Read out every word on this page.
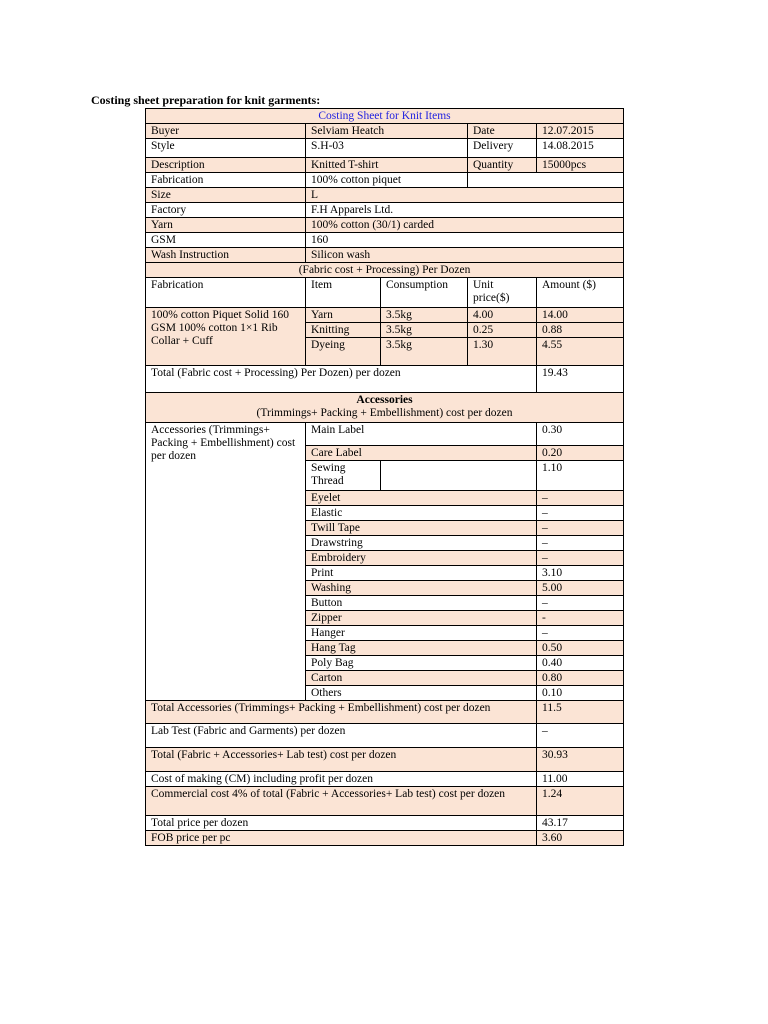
Costing sheet preparation for knit garments:
Costing Sheet for Knit Items				
Buyer	Selviam Heatch		Date	12.07.2015
Style	S.H-03		Delivery	14.08.2015
Description	Knitted T-shirt		Quantity	15000pcs
Fabrication	100% cotton piquet			
Size	L			
Factory	F.H Apparels Ltd.			
Yarn	100% cotton (30/1) carded			
GSM	160			
Wash Instruction	Silicon wash			
(Fabric cost + Processing) Per Dozen				
Fabrication	Item	Consumption	Unit price($)	Amount ($)
100% cotton Piquet Solid 160 GSM 100% cotton 1×1 Rib Collar + Cuff	Yarn	3.5kg	4.00	14.00
	Knitting	3.5kg	0.25	0.88
	Dyeing	3.5kg	1.30	4.55
Total (Fabric cost + Processing) Per Dozen) per dozen				19.43

Accessories
(Trimmings+ Packing + Embellishment) cost per dozen				

Accessories (Trimmings+ Packing + Embellishment) cost per dozen	Main Label			0.30
	Care Label			0.20
	Sewing Thread			1.10
	Eyelet			–
	Elastic			–
	Twill Tape			–
	Drawstring			–
	Embroidery			–
	Print			3.10
	Washing			5.00
	Button			–
	Zipper			-
	Hanger			–
	Hang Tag			0.50
	Poly Bag			0.40
	Carton			0.80
	Others			0.10
Total Accessories (Trimmings+ Packing + Embellishment) cost per dozen				11.5
Lab Test (Fabric and Garments) per dozen				–
Total (Fabric + Accessories+ Lab test) cost per dozen				30.93
Cost of making (CM) including profit per dozen				11.00
Commercial cost 4% of total (Fabric + Accessories+ Lab test) cost per dozen				1.24
Total price per dozen				43.17
FOB price per pc				3.60
